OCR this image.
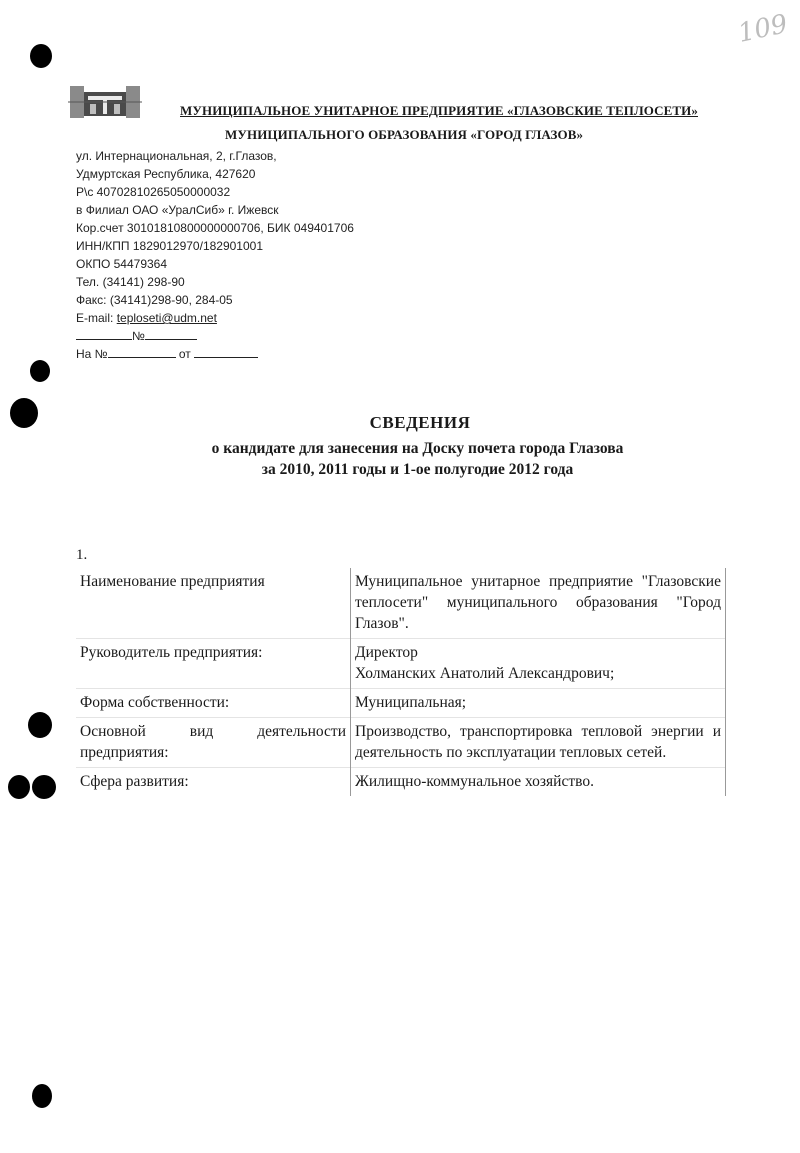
109
МУНИЦИПАЛЬНОЕ УНИТАРНОЕ ПРЕДПРИЯТИЕ «ГЛАЗОВСКИЕ ТЕПЛОСЕТИ»
МУНИЦИПАЛЬНОГО ОБРАЗОВАНИЯ «ГОРОД ГЛАЗОВ»
ул. Интернациональная, 2, г.Глазов,
Удмуртская Республика, 427620
Р\с 40702810265050000032
в Филиал ОАО «УралСиб» г. Ижевск
Кор.счет 30101810800000000706, БИК 049401706
ИНН/КПП 1829012970/182901001
ОКПО 54479364
Тел. (34141) 298-90
Факс: (34141)298-90, 284-05
E-mail: teploseti@udm.net
№
На №	от
СВЕДЕНИЯ
о кандидате для занесения на Доску почета города Глазова
за 2010, 2011 годы и 1-ое полугодие 2012 года
1.
Наименование предприятия	Муниципальное унитарное предприятие "Глазовские теплосети" муниципального образования "Город Глазов".
Руководитель предприятия:	Директор
Холманских Анатолий Александрович;

Форма собственности:	Муниципальная;
Основной вид деятельности предприятия:	Производство, транспортировка тепловой энергии и деятельность по эксплуатации тепловых сетей.
Сфера развития:	Жилищно-коммунальное хозяйство.
